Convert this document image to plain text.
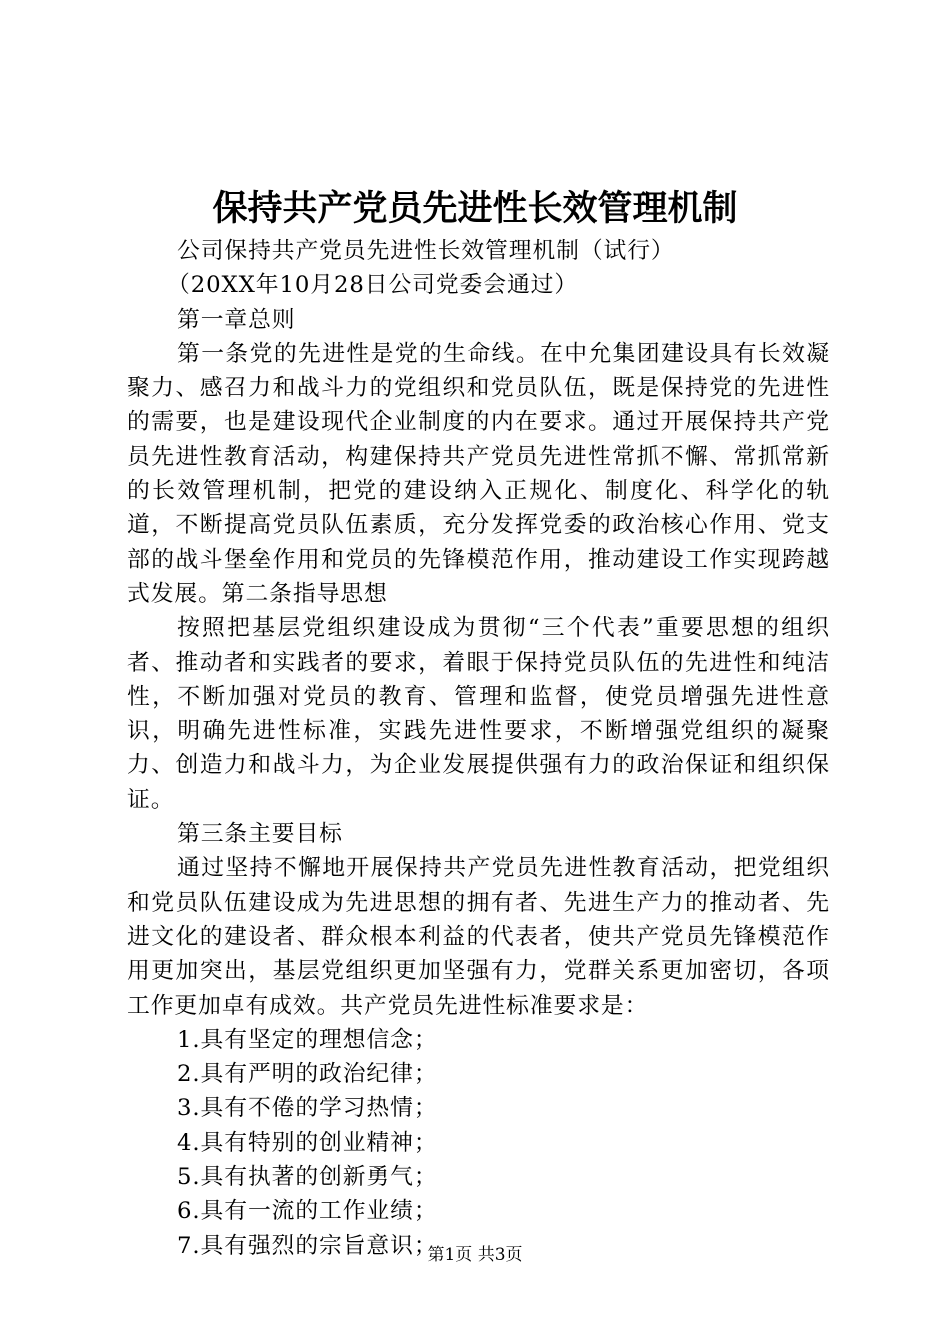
保持共产党员先进性长效管理机制

公司保持共产党员先进性长效管理机制（试行）

（20XX年10月28日公司党委会通过）

第一章总则

第一条党的先进性是党的生命线。在中允集团建设具有长效凝聚力、感召力和战斗力的党组织和党员队伍，既是保持党的先进性的需要，也是建设现代企业制度的内在要求。通过开展保持共产党员先进性教育活动，构建保持共产党员先进性常抓不懈、常抓常新的长效管理机制，把党的建设纳入正规化、制度化、科学化的轨道，不断提高党员队伍素质，充分发挥党委的政治核心作用、党支部的战斗堡垒作用和党员的先锋模范作用，推动建设工作实现跨越式发展。第二条指导思想

按照把基层党组织建设成为贯彻“三个代表”重要思想的组织者、推动者和实践者的要求，着眼于保持党员队伍的先进性和纯洁性，不断加强对党员的教育、管理和监督，使党员增强先进性意识，明确先进性标准，实践先进性要求，不断增强党组织的凝聚力、创造力和战斗力，为企业发展提供强有力的政治保证和组织保证。

第三条主要目标

通过坚持不懈地开展保持共产党员先进性教育活动，把党组织和党员队伍建设成为先进思想的拥有者、先进生产力的推动者、先进文化的建设者、群众根本利益的代表者，使共产党员先锋模范作用更加突出，基层党组织更加坚强有力，党群关系更加密切，各项工作更加卓有成效。共产党员先进性标准要求是：

1.具有坚定的理想信念；

2.具有严明的政治纪律；

3.具有不倦的学习热情；

4.具有特别的创业精神；

5.具有执著的创新勇气；

6.具有一流的工作业绩；

7.具有强烈的宗旨意识；

第1页 共3页
